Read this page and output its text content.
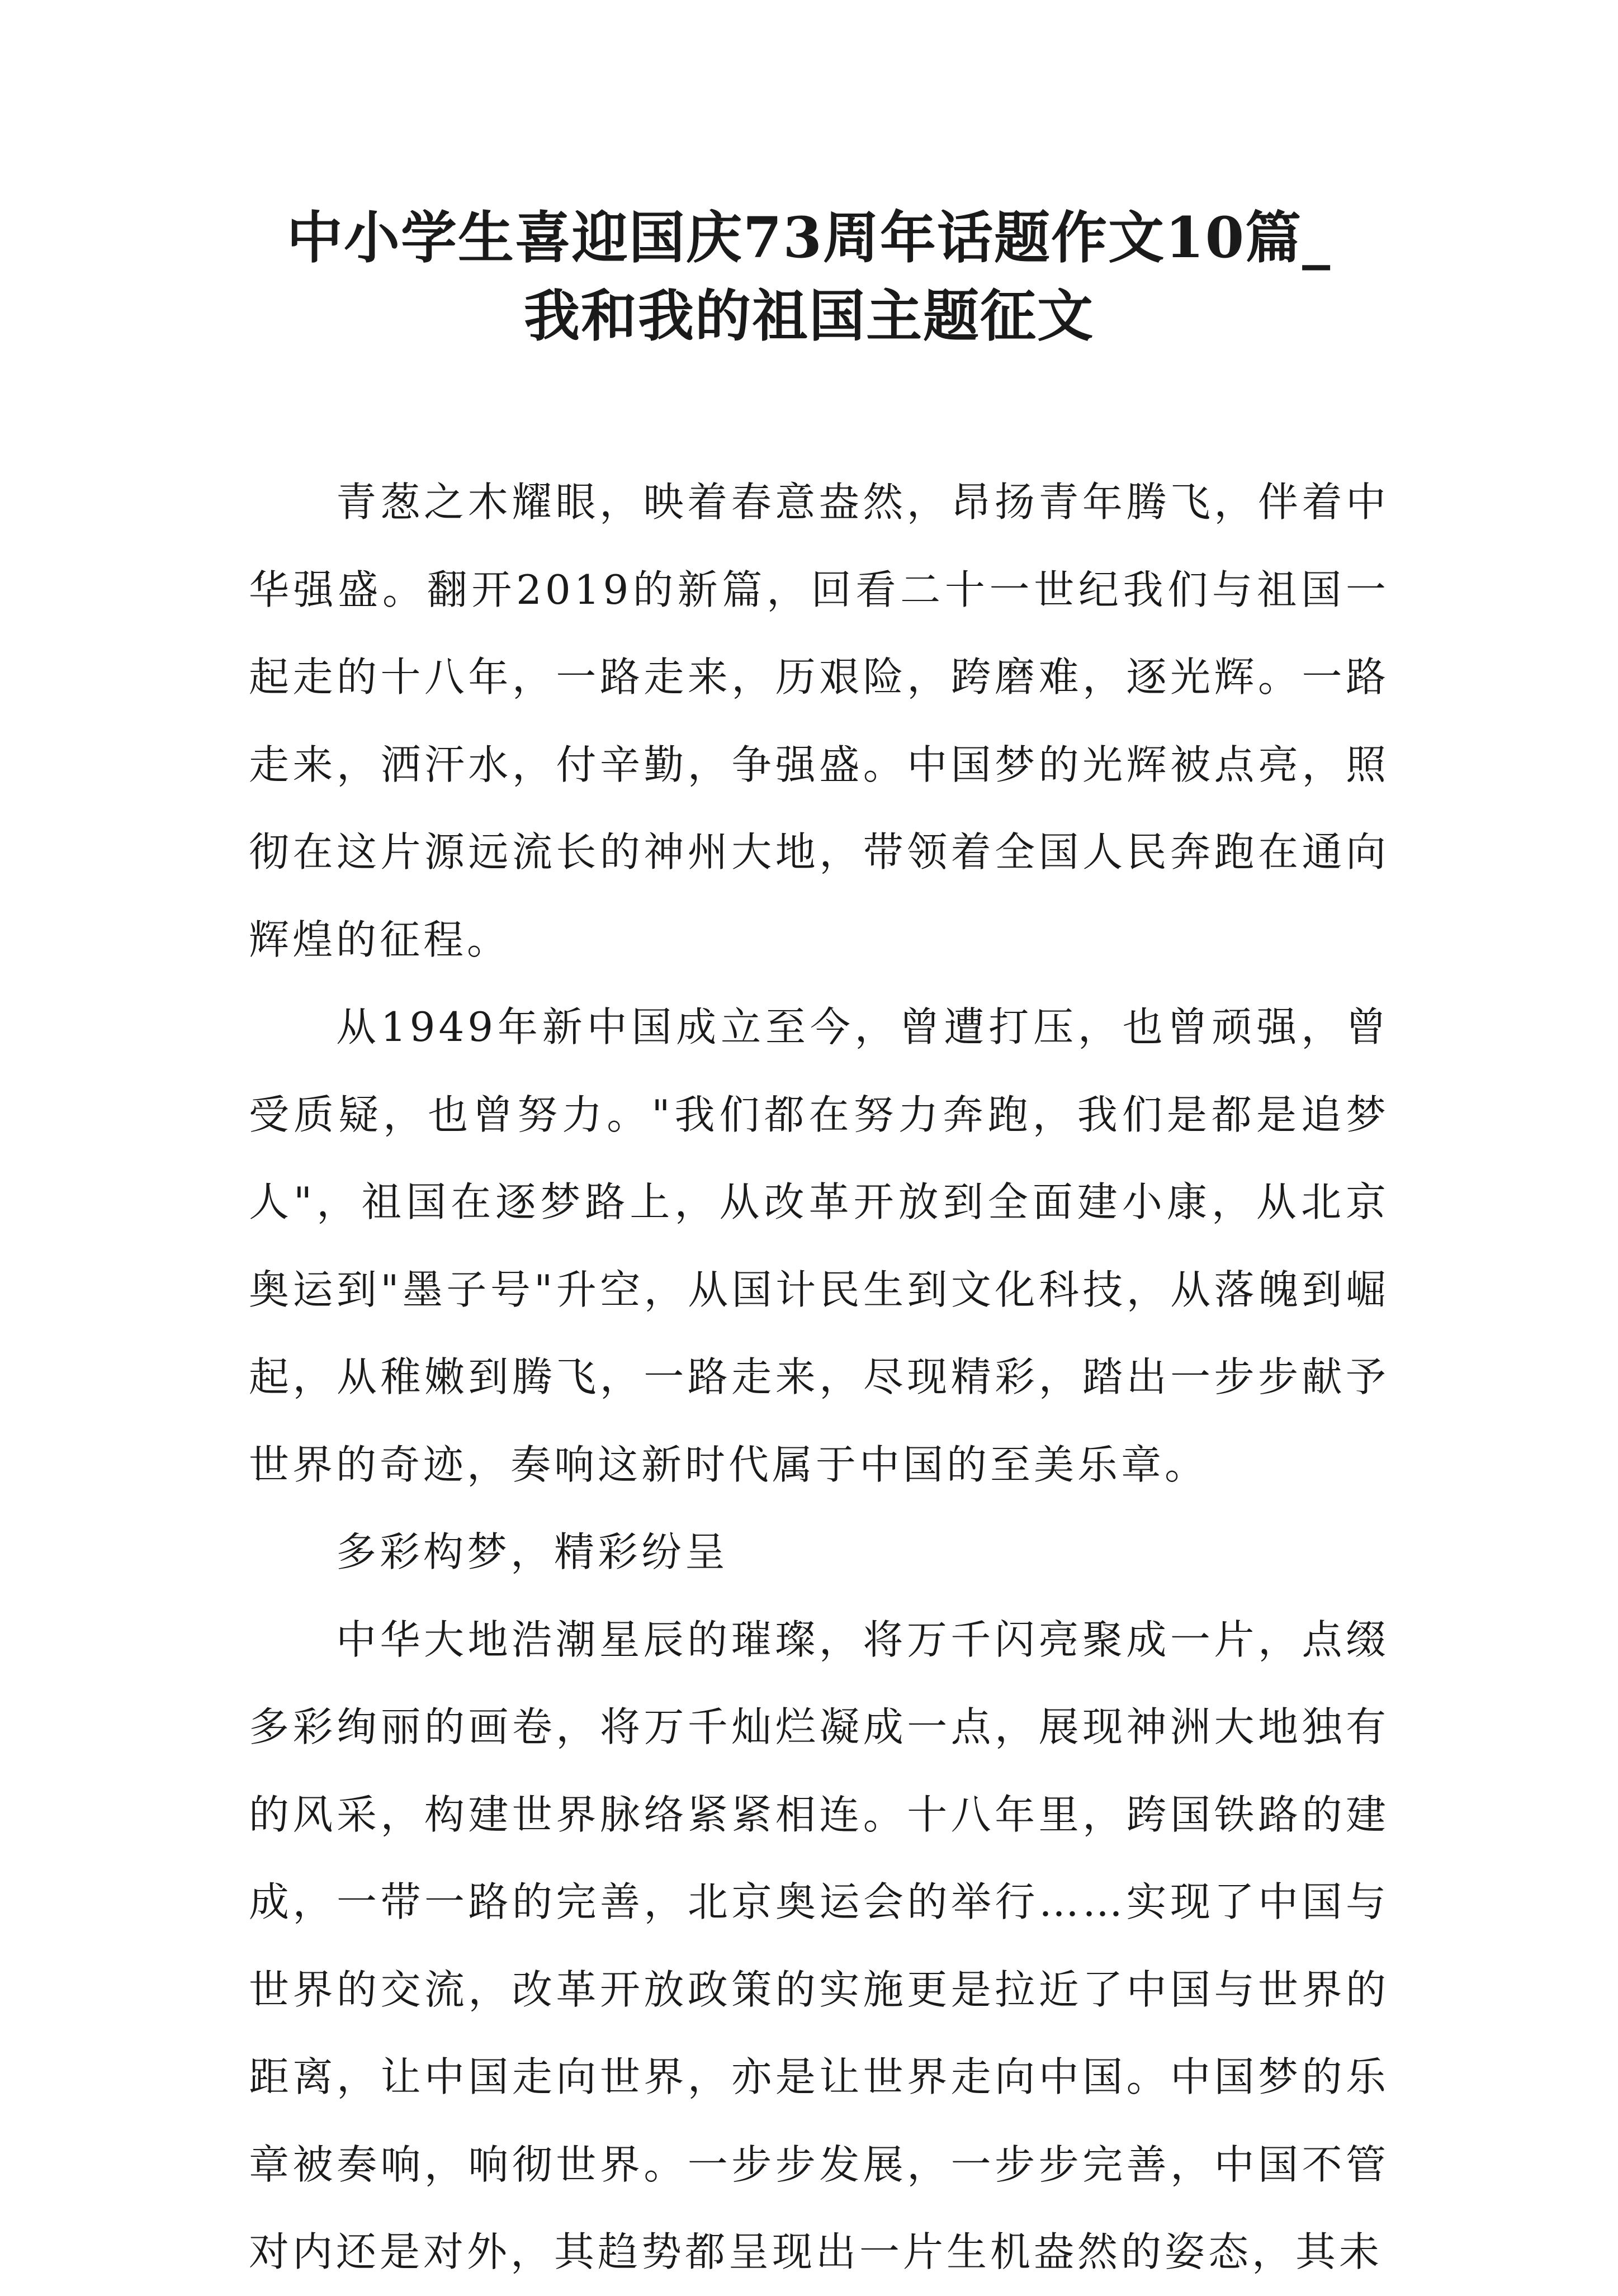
中小学生喜迎国庆73周年话题作文10篇_
我和我的祖国主题征文

青葱之木耀眼，映着春意盎然，昂扬青年腾飞，伴着中华强盛。翻开2019的新篇，回看二十一世纪我们与祖国一起走的十八年，一路走来，历艰险，跨磨难，逐光辉。一路走来，洒汗水，付辛勤，争强盛。中国梦的光辉被点亮，照彻在这片源远流长的神州大地，带领着全国人民奔跑在通向辉煌的征程。

从1949年新中国成立至今，曾遭打压，也曾顽强，曾受质疑，也曾努力。"我们都在努力奔跑，我们是都是追梦人"，祖国在逐梦路上，从改革开放到全面建小康，从北京奥运到"墨子号"升空，从国计民生到文化科技，从落魄到崛起，从稚嫩到腾飞，一路走来，尽现精彩，踏出一步步献予世界的奇迹，奏响这新时代属于中国的至美乐章。

多彩构梦，精彩纷呈

中华大地浩潮星辰的璀璨，将万千闪亮聚成一片，点缀多彩绚丽的画卷，将万千灿烂凝成一点，展现神洲大地独有的风采，构建世界脉络紧紧相连。十八年里，跨国铁路的建成，一带一路的完善，北京奥运会的举行……实现了中国与世界的交流，改革开放政策的实施更是拉近了中国与世界的距离，让中国走向世界，亦是让世界走向中国。中国梦的乐章被奏响，响彻世界。一步步发展，一步步完善，中国不管对内还是对外，其趋势都呈现出一片生机盎然的姿态，其未
